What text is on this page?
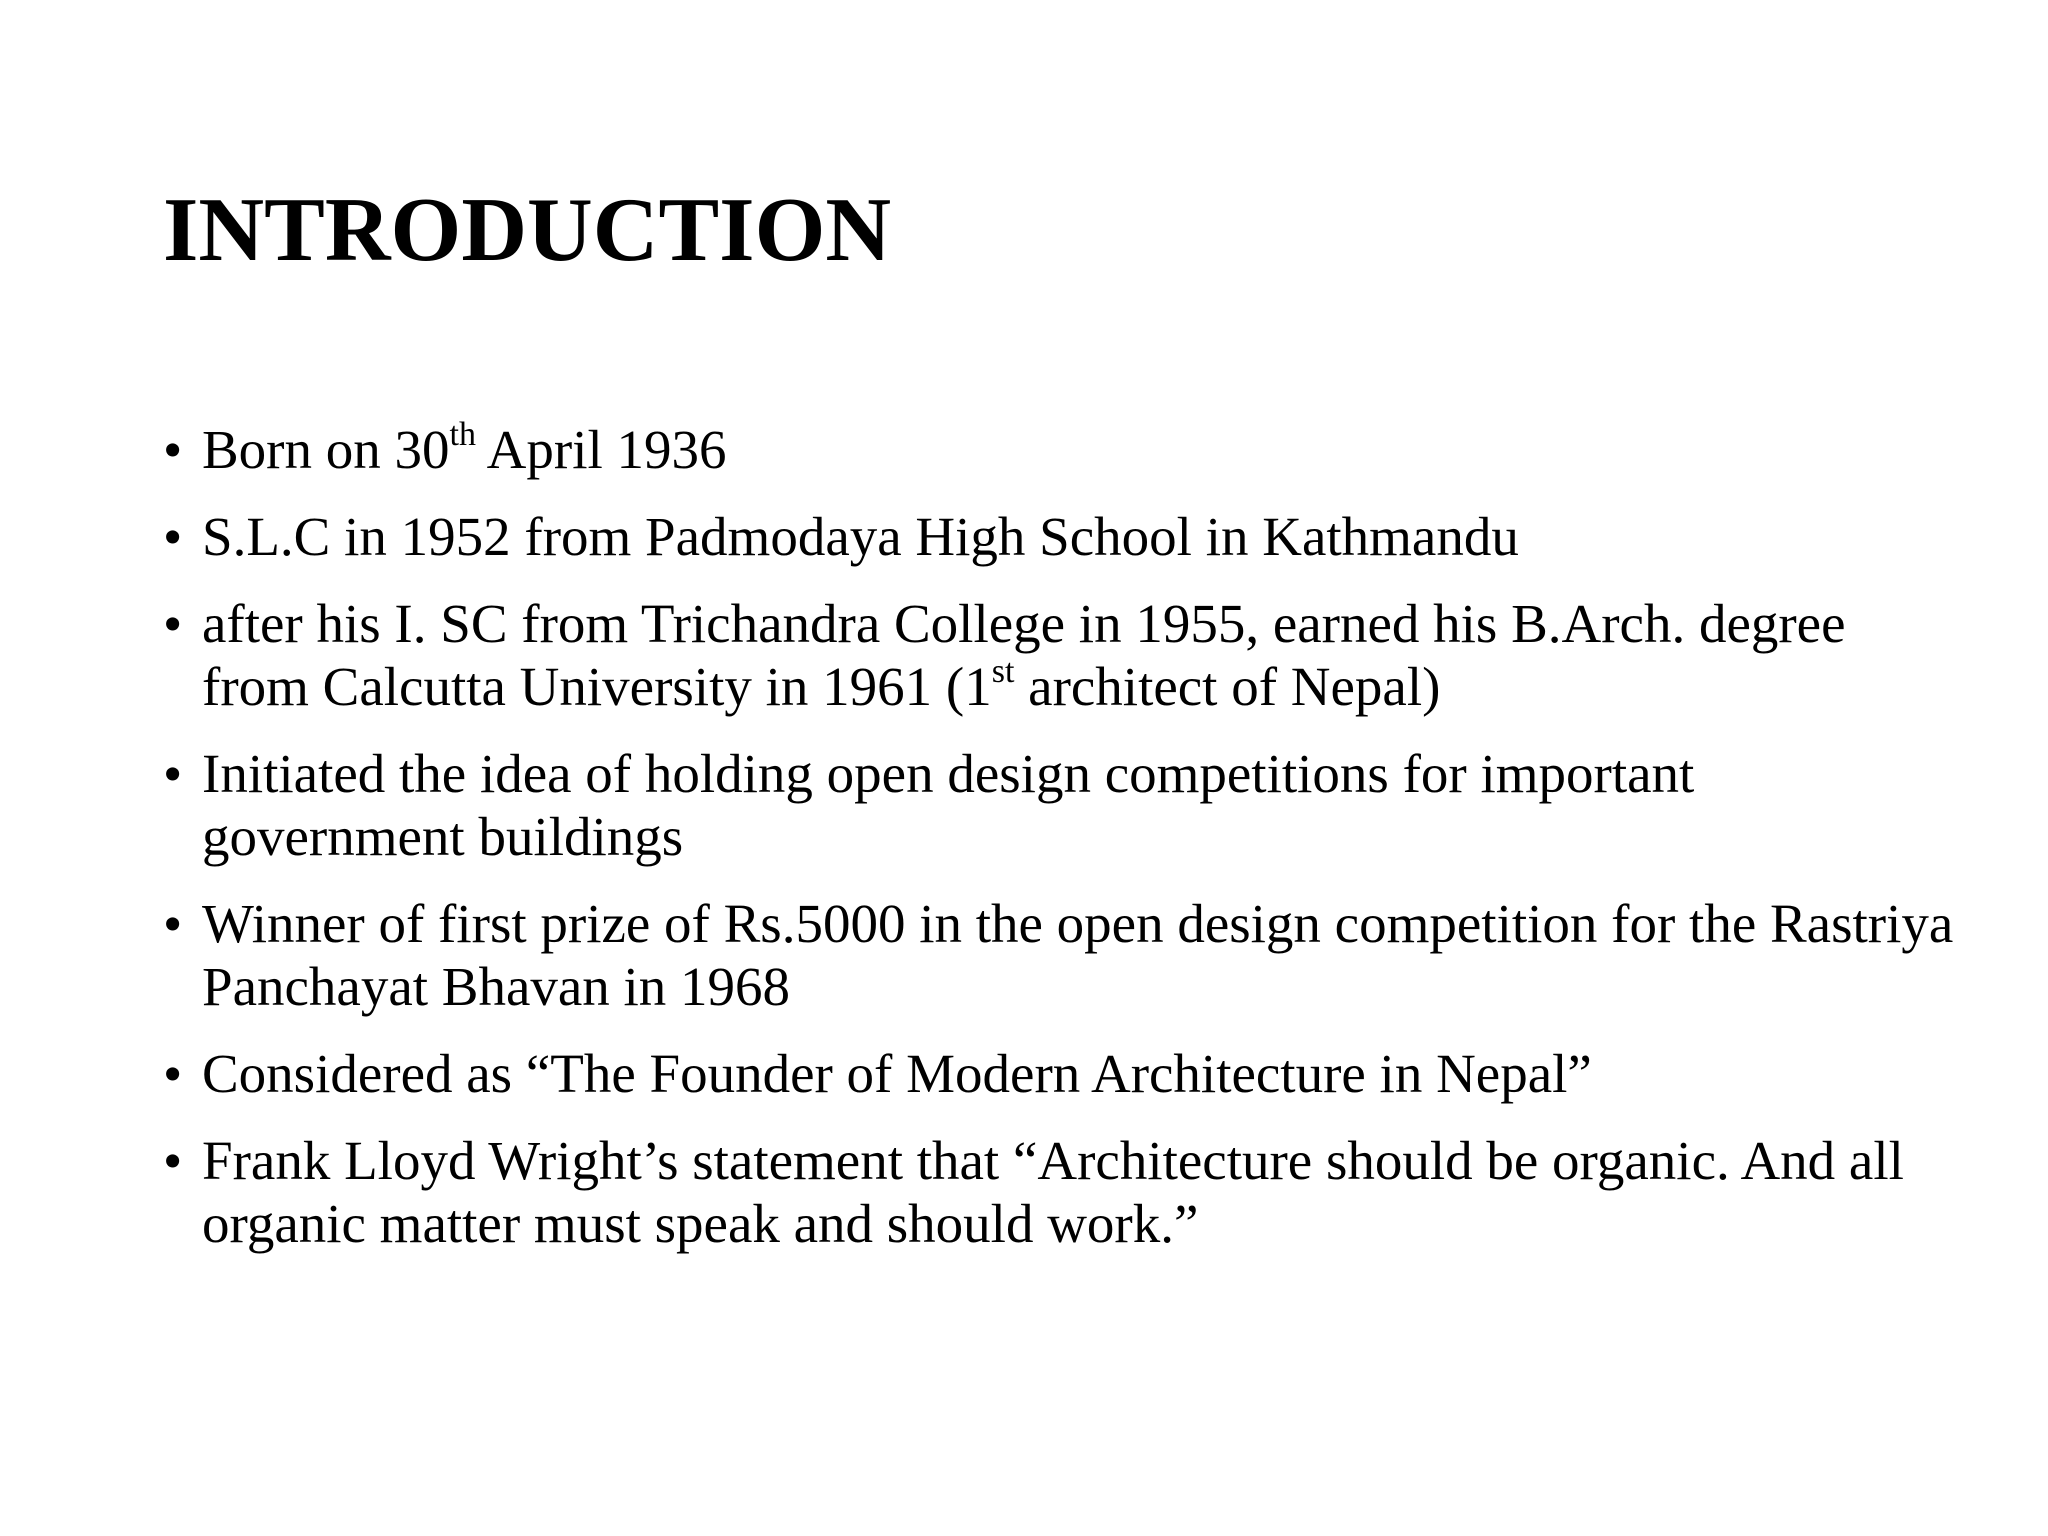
INTRODUCTION
• Born on 30th April 1936
• S.L.C in 1952 from Padmodaya High School in Kathmandu
• after his I. SC from Trichandra College in 1955, earned his B.Arch. degree from Calcutta University in 1961 (1st architect of Nepal)
• Initiated the idea of holding open design competitions for important government buildings
• Winner of first prize of Rs.5000 in the open design competition for the Rastriya Panchayat Bhavan in 1968
• Considered as “The Founder of Modern Architecture in Nepal”
• Frank Lloyd Wright’s statement that “Architecture should be organic. And all organic matter must speak and should work.”
